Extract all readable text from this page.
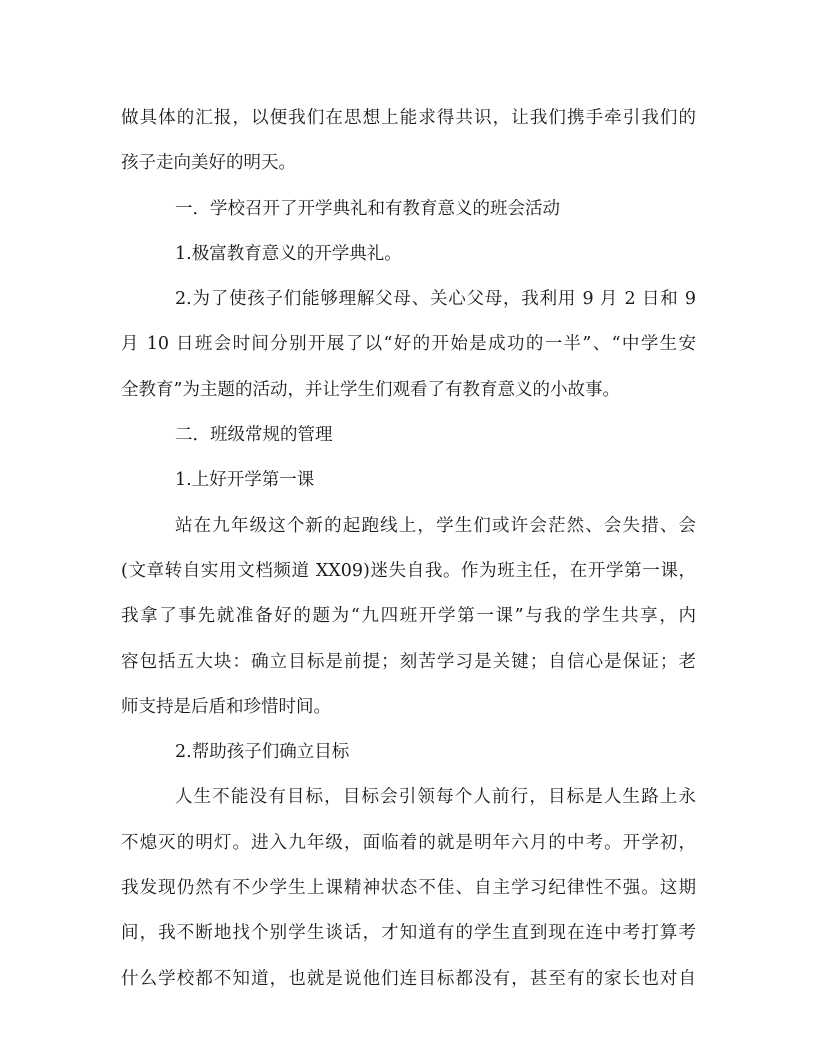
做具体的汇报，以便我们在思想上能求得共识，让我们携手牵引我们的
孩子走向美好的明天。
一．学校召开了开学典礼和有教育意义的班会活动
1.极富教育意义的开学典礼。
2.为了使孩子们能够理解父母、关心父母，我利用 9 月 2 日和 9
月 10 日班会时间分别开展了以“好的开始是成功的一半”、“中学生安
全教育”为主题的活动，并让学生们观看了有教育意义的小故事。
二．班级常规的管理
1.上好开学第一课
站在九年级这个新的起跑线上，学生们或许会茫然、会失措、会
(文章转自实用文档频道 XX09)迷失自我。作为班主任，在开学第一课，
我拿了事先就准备好的题为“九四班开学第一课”与我的学生共享，内
容包括五大块：确立目标是前提；刻苦学习是关键；自信心是保证；老
师支持是后盾和珍惜时间。
2.帮助孩子们确立目标
人生不能没有目标，目标会引领每个人前行，目标是人生路上永
不熄灭的明灯。进入九年级，面临着的就是明年六月的中考。开学初，
我发现仍然有不少学生上课精神状态不佳、自主学习纪律性不强。这期
间，我不断地找个别学生谈话，才知道有的学生直到现在连中考打算考
什么学校都不知道，也就是说他们连目标都没有，甚至有的家长也对自
